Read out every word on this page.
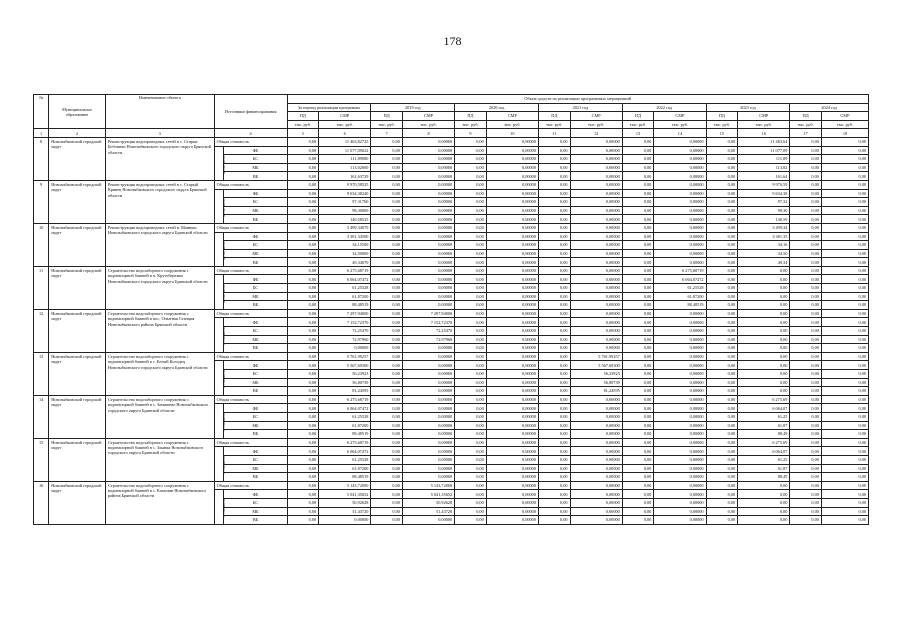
178
№	Муниципальное образование	Наименование объекта	Источники финансирования		Объем средств на реализацию программных мероприятий													
					За период реализации программы		2019 год		2020 год		2021 год		2022 год		2023 год		2024 год	
					ПД	СМР	ПД	СМР	ПД	СМР	ПД	СМР	ПД	СМР	ПД	СМР	ПД	СМР
					тыс. руб.	тыс. руб.	тыс. руб.	тыс. руб.	тыс. руб.	тыс. руб.	тыс. руб.	тыс. руб.	тыс. руб.	тыс. руб.	тыс. руб.	тыс. руб.	тыс. руб.	тыс. руб.
1	2	3	4		5	6	7	8	9	10	11	12	13	14	15	16	17	18
8	Новозыбковский городской округ	Реконструкция водопроводных сетей в с. Старые Бобовичи Новозыбковского городского округа Брянской области	Общая стоимость		0,00	11 463,82725	0,00	0,00000	0,00	0,00000	0,00	0,00000	0,00	0,00000	0,00	11 463,64	0,00	0,00
			в том числе:	ФБ	0,00	11 077,09022	0,00	0,00000	0,00	0,00000	0,00	0,00000	0,00	0,00000	0,00	11 077,09	0,00	0,00
				БС	0,00	111,89080	0,00	0,00000	0,00	0,00000	0,00	0,00000	0,00	0,00000	0,00	111,89	0,00	0,00
				МБ	0,00	113,02000	0,00	0,00000	0,00	0,00000	0,00	0,00000	0,00	0,00000	0,00	113,02	0,00	0,00
				ВБ	0,00	161,63729	0,00	0,00000	0,00	0,00000	0,00	0,00000	0,00	0,00000	0,00	161,64	0,00	0,00
9	Новозыбковский городской округ	Реконструкция водопроводных сетей в с. Старый Кривец Новозыбковского городского округа Брянской области	Общая стоимость		0,00	9 970,58525	0,00	0,00000	0,00	0,00000	0,00	0,00000	0,00	0,00000	0,00	9 970,59	0,00	0,00
			в том числе:	ФБ	0,00	9 634,38240	0,00	0,00000	0,00	0,00000	0,00	0,00000	0,00	0,00000	0,00	9 634,38	0,00	0,00
				БС	0,00	97,31760	0,00	0,00000	0,00	0,00000	0,00	0,00000	0,00	0,00000	0,00	97,32	0,00	0,00
				МБ	0,00	98,30000	0,00	0,00000	0,00	0,00000	0,00	0,00000	0,00	0,00000	0,00	98,30	0,00	0,00
				ВБ	0,00	140,58525	0,00	0,00000	0,00	0,00000	0,00	0,00000	0,00	0,00000	0,00	140,59	0,00	0,00
10	Новозыбковский городской округ	Реконструкция водопроводных сетей в. Манюки Новозыбковского городского округа Брянской области	Общая стоимость		0,00	3 499,34070	0,00	0,00000	0,00	0,00000	0,00	0,00000	0,00	0,00000	0,00	3 499,34	0,00	0,00
			в том числе:	ФБ	0,00	3 381,34500	0,00	0,00000	0,00	0,00000	0,00	0,00000	0,00	0,00000	0,00	3 381,35	0,00	0,00
				БС	0,00	34,15500	0,00	0,00000	0,00	0,00000	0,00	0,00000	0,00	0,00000	0,00	34,16	0,00	0,00
				МБ	0,00	34,50000	0,00	0,00000	0,00	0,00000	0,00	0,00000	0,00	0,00000	0,00	34,50	0,00	0,00
				ВБ	0,00	49,34070	0,00	0,00000	0,00	0,00000	0,00	0,00000	0,00	0,00000	0,00	49,34	0,00	0,00
11	Новозыбковский городской округ	Строительство водозаборного сооружения с водонапорной башней в п. Крутобережье Новозыбковского городского округа Брянской области	Общая стоимость		0,00	6 275,68719	0,00	0,00000	0,00	0,00000	0,00	0,00000	0,00	6 275,68719	0,00	0,00	0,00	0,00
			в том числе:	ФБ	0,00	6 064,07472	0,00	0,00000	0,00	0,00000	0,00	0,00000	0,00	6 064,07472	0,00	0,00	0,00	0,00
				БС	0,00	61,25528	0,00	0,00000	0,00	0,00000	0,00	0,00000	0,00	61,25528	0,00	0,00	0,00	0,00
				МБ	0,00	61,87200	0,00	0,00000	0,00	0,00000	0,00	0,00000	0,00	61,87200	0,00	0,00	0,00	0,00
				ВБ	0,00	88,48519	0,00	0,00000	0,00	0,00000	0,00	0,00000	0,00	88,48519	0,00	0,00	0,00	0,00
12	Новозыбковский городской округ	Строительство водозаборного сооружения с водонапорной башней в пос. Опытная Станция Новозыбковского района Брянской области	Общая стоимость		0,00	7 297,94000	0,00	7 297,94000	0,00	0,00000	0,00	0,00000	0,00	0,00000	0,00	0,00	0,00	0,00
			в том числе:	ФБ	0,00	7 152,72370	0,00	7 152,72370	0,00	0,00000	0,00	0,00000	0,00	0,00000	0,00	0,00	0,00	0,00
				БС	0,00	72,25470	0,00	72,25470	0,00	0,00000	0,00	0,00000	0,00	0,00000	0,00	0,00	0,00	0,00
				МБ	0,00	72,97960	0,00	72,97960	0,00	0,00000	0,00	0,00000	0,00	0,00000	0,00	0,00	0,00	0,00
				ВБ	0,00	0,00000	0,00	0,00000	0,00	0,00000	0,00	0,00000	0,00	0,00000	0,00	0,00	0,00	0,00
13	Новозыбковский городской округ	Строительство водозаборного сооружения с водонапорной башней в с. Белый Колодец Новозыбковского городского округа Брянской области	Общая стоимость		0,00	5 761,99257	0,00	0,00000	0,00	0,00000	0,00	5 761,99257	0,00	0,00000	0,00	0,00	0,00	0,00
			в том числе:	ФБ	0,00	5 567,69300	0,00	0,00000	0,00	0,00000	0,00	5 567,69300	0,00	0,00000	0,00	0,00	0,00	0,00
				БС	0,00	56,23923	0,00	0,00000	0,00	0,00000	0,00	56,23923	0,00	0,00000	0,00	0,00	0,00	0,00
				МБ	0,00	56,80739	0,00	0,00000	0,00	0,00000	0,00	56,80739	0,00	0,00000	0,00	0,00	0,00	0,00
				ВБ	0,00	81,24595	0,00	0,00000	0,00	0,00000	0,00	81,24595	0,00	0,00000	0,00	0,00	0,00	0,00
14	Новозыбковский городской округ	Строительство водозаборного сооружения с водонапорной башней в с. Замишево Новозыбковского городского округа Брянской области	Общая стоимость		0,00	6 275,68719	0,00	0,00000	0,00	0,00000	0,00	0,00000	0,00	0,00000	0,00	6 275,69	0,00	0,00
			в том числе:	ФБ	0,00	6 064,07472	0,00	0,00000	0,00	0,00000	0,00	0,00000	0,00	0,00000	0,00	6 064,07	0,00	0,00
				БС	0,00	61,25528	0,00	0,00000	0,00	0,00000	0,00	0,00000	0,00	0,00000	0,00	61,25	0,00	0,00
				МБ	0,00	61,87200	0,00	0,00000	0,00	0,00000	0,00	0,00000	0,00	0,00000	0,00	61,87	0,00	0,00
				ВБ	0,00	88,48519	0,00	0,00000	0,00	0,00000	0,00	0,00000	0,00	0,00000	0,00	88,49	0,00	0,00
15	Новозыбковский городской округ	Строительство водозаборного сооружения с водонапорной башней в с. Злынка Новозыбковского городского округа Брянской области	Общая стоимость		0,00	6 275,68719	0,00	0,00000	0,00	0,00000	0,00	0,00000	0,00	0,00000	0,00	6 275,69	0,00	0,00
			в том числе:	ФБ	0,00	6 064,07472	0,00	0,00000	0,00	0,00000	0,00	0,00000	0,00	0,00000	0,00	6 064,07	0,00	0,00
				БС	0,00	61,25528	0,00	0,00000	0,00	0,00000	0,00	0,00000	0,00	0,00000	0,00	61,25	0,00	0,00
				МБ	0,00	61,87200	0,00	0,00000	0,00	0,00000	0,00	0,00000	0,00	0,00000	0,00	61,87	0,00	0,00
				ВБ	0,00	88,48519	0,00	0,00000	0,00	0,00000	0,00	0,00000	0,00	0,00000	0,00	88,49	0,00	0,00
16	Новозыбковский городской округ	Строительство водозаборного сооружения с водонапорной башней в с. Каташин Новозыбковского района Брянской области	Общая стоимость		0,00	5 143,72000	0,00	5 143,72000	0,00	0,00000	0,00	0,00000	0,00	0,00000	0,00	0,00	0,00	0,00
			в том числе:	ФБ	0,00	5 041,35652	0,00	5 041,35652	0,00	0,00000	0,00	0,00000	0,00	0,00000	0,00	0,00	0,00	0,00
				БС	0,00	50,92628	0,00	50,92628	0,00	0,00000	0,00	0,00000	0,00	0,00000	0,00	0,00	0,00	0,00
				МБ	0,00	51,43720	0,00	51,43720	0,00	0,00000	0,00	0,00000	0,00	0,00000	0,00	0,00	0,00	0,00
				ВБ	0,00	0,00000	0,00	0,00000	0,00	0,00000	0,00	0,00000	0,00	0,00000	0,00	0,00	0,00	0,00
